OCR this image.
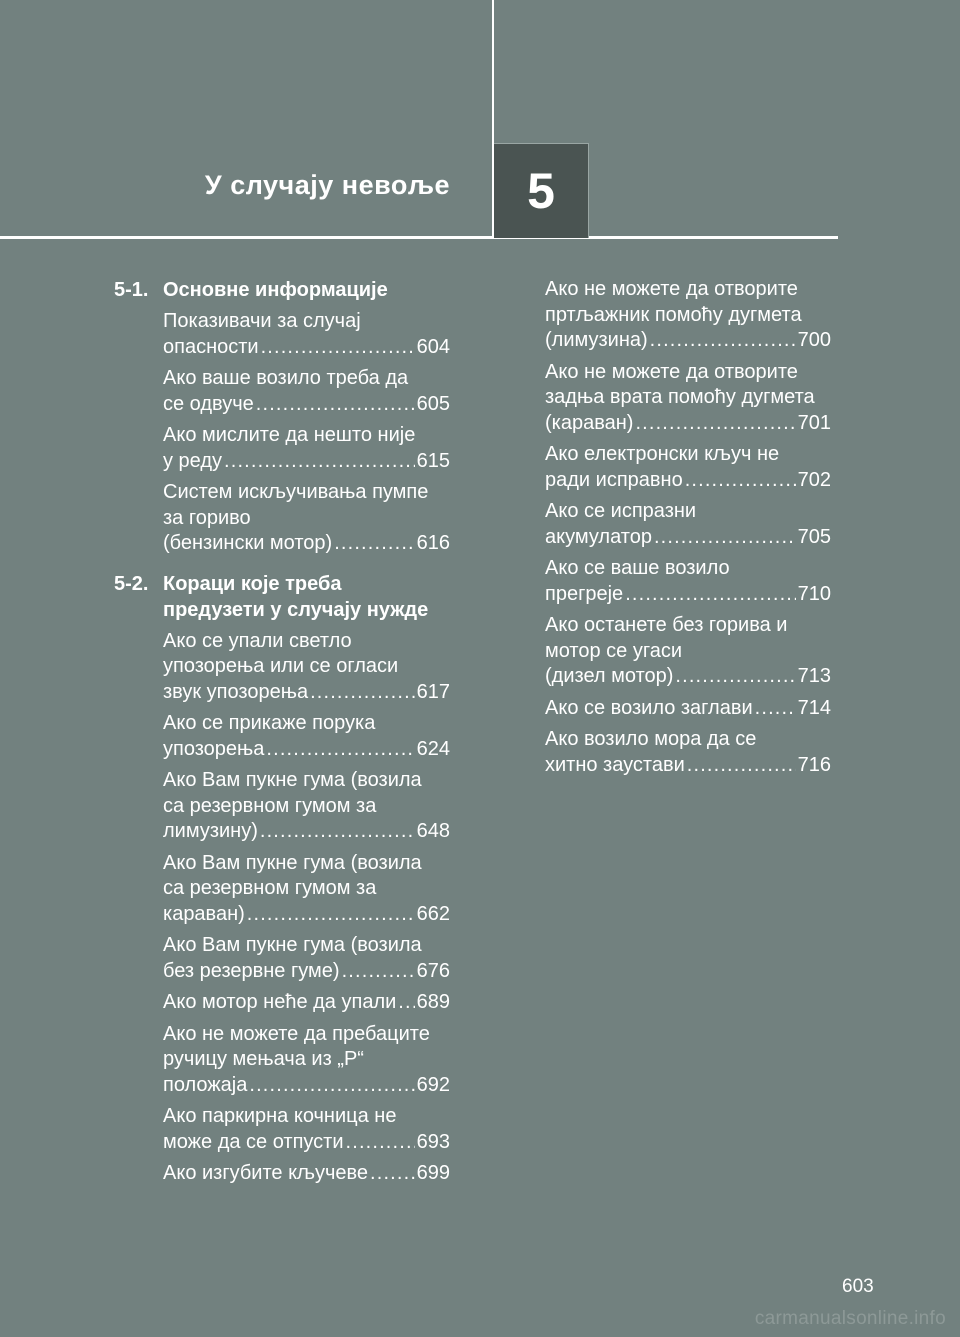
У случају невоље 5
5-1. Основне информације
Показивачи за случај
опасности . . .	604
Ако ваше возило треба да
се одвуче . . .	605
Ако мислите да нешто није
у реду . . .	615
Систем искључивања пумпе
за гориво
(бензински мотор) . . .	616
5-2. Кораци које треба
предузети у случају нужде
Ако се упали светло
упозорења или се огласи
звук упозорења . . .	617
Ако се прикаже порука
упозорења . . .	624
Ако Вам пукне гума (возила
са резервном гумом за
лимузину) . . .	648
Ако Вам пукне гума (возила
са резервном гумом за
караван) . . .	662
Ако Вам пукне гума (возила
без резервне гуме) . . .	676
Ако мотор неће да упали . . . 689
Ако не можете да пребаците
ручицу мењача из „P“
положаја . . .	692
Ако паркирна кочница не
може да се отпусти . . .	693
Ако изгубите кључеве . . . 699
Ако не можете да отворите
пртљажник помоћу дугмета
(лимузина) . . .	700
Ако не можете да отворите
задња врата помоћу дугмета
(караван) . . .	701
Ако електронски кључ не
ради исправно . . .	702
Ако се испразни
акумулатор . . .	705
Ако се ваше возило
прегреје . . .	710
Ако останете без горива и
мотор се угаси
(дизел мотор) . . .	713
Ако се возило заглави . . . 714
Ако возило мора да се
хитно заустави . . .	716
603
carmanualsonline.info
